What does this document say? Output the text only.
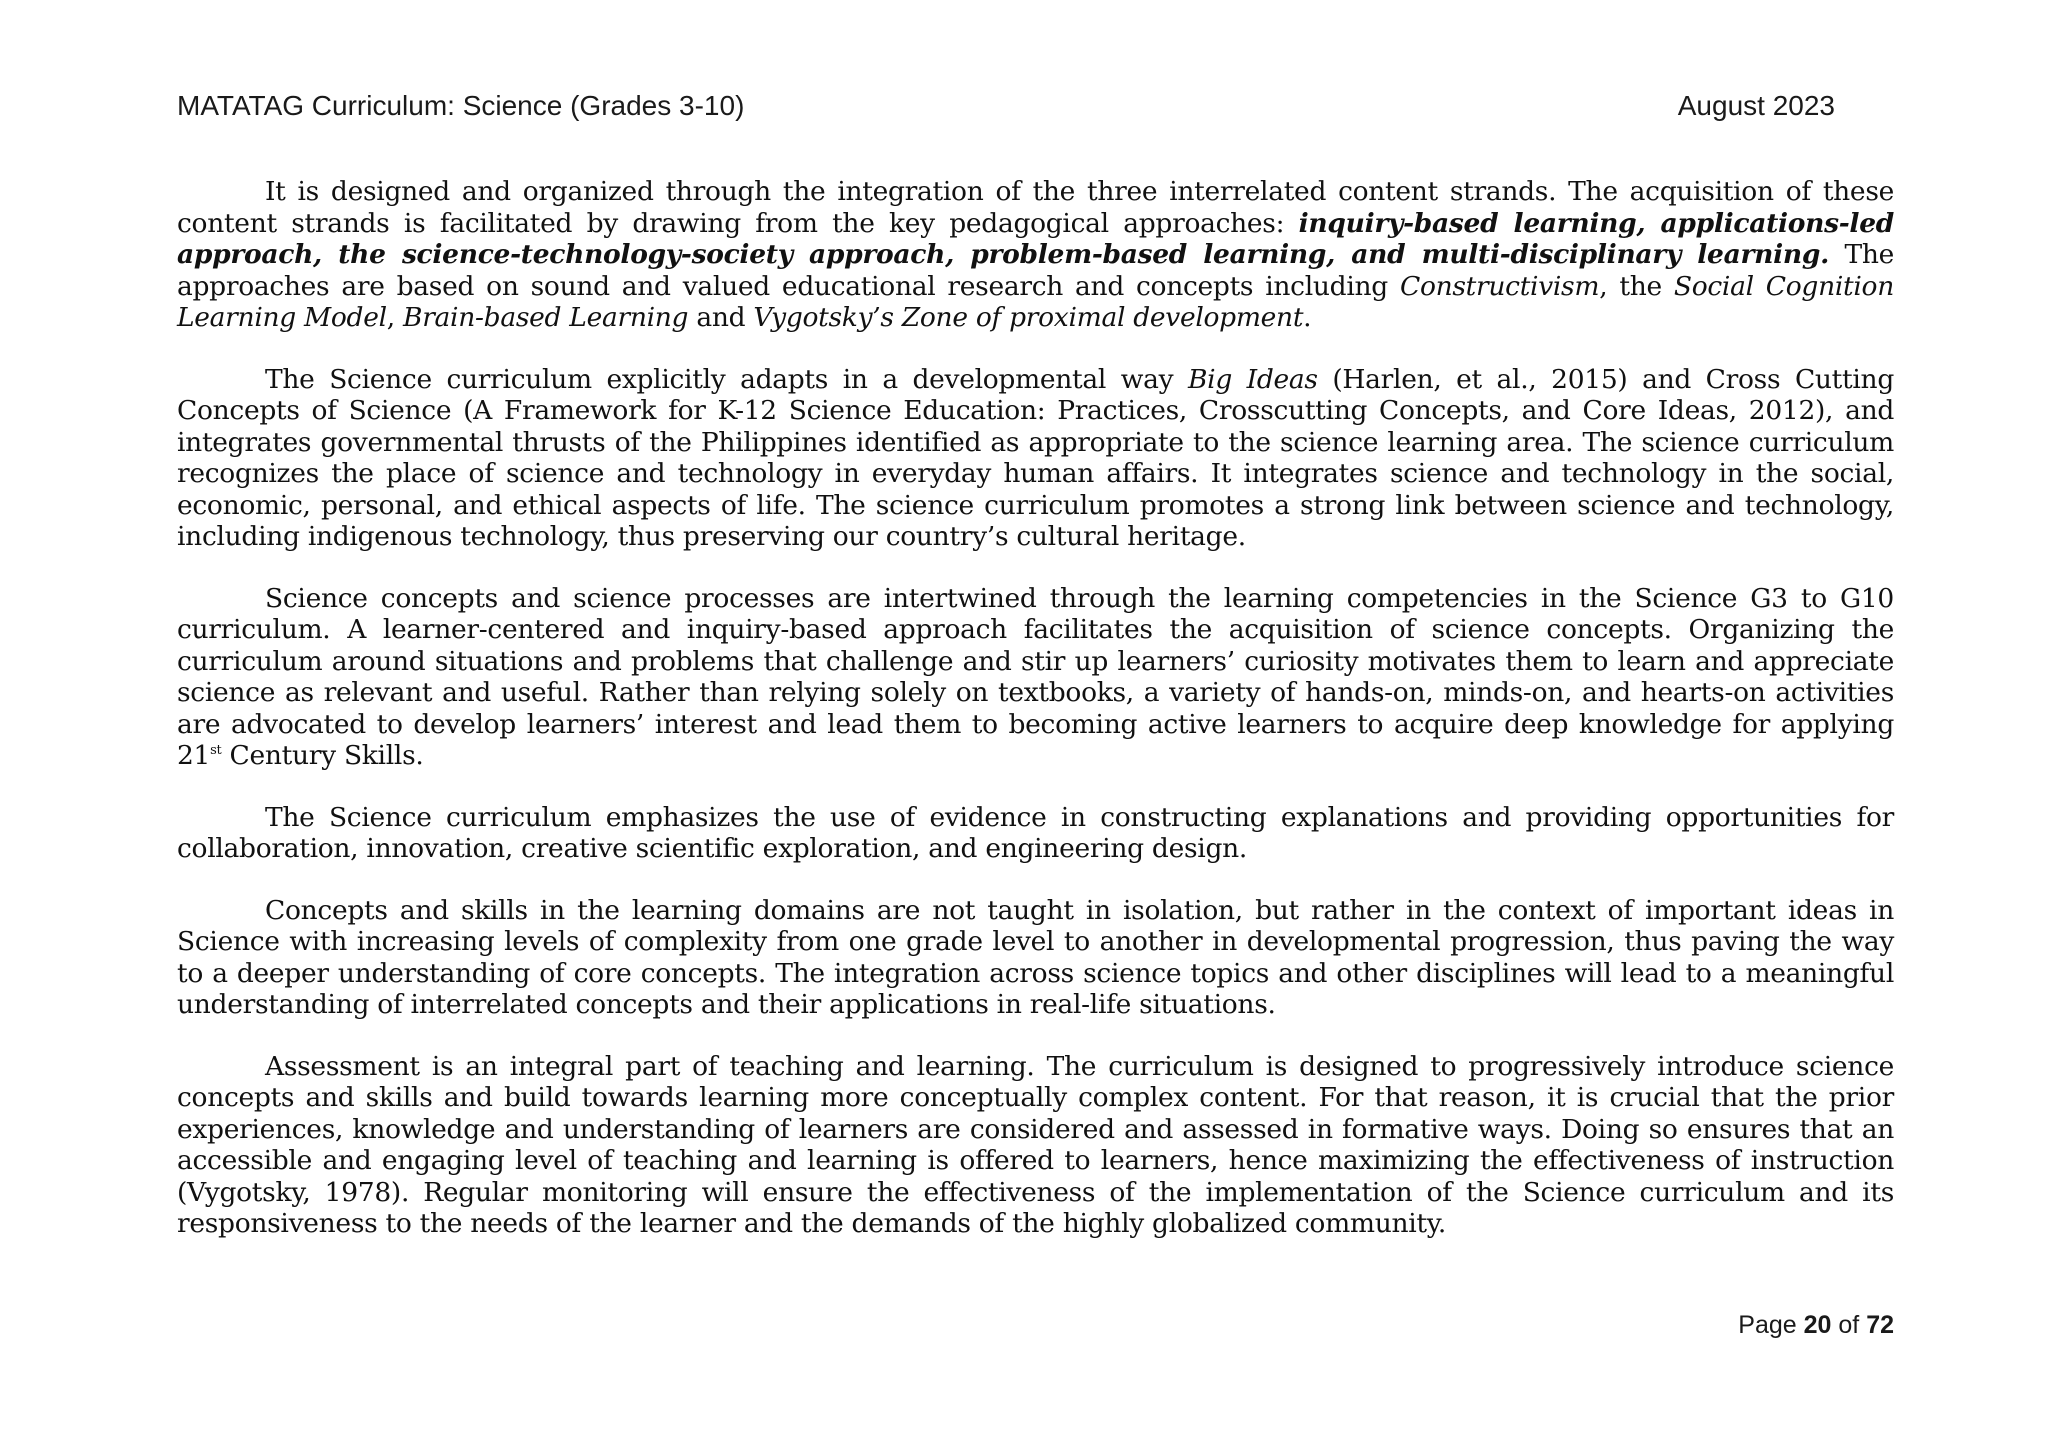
MATATAG Curriculum: Science (Grades 3-10)	August 2023

It is designed and organized through the integration of the three interrelated content strands. The acquisition of these content strands is facilitated by drawing from the key pedagogical approaches: inquiry-based learning, applications-led approach, the science-technology-society approach, problem-based learning, and multi-disciplinary learning. The approaches are based on sound and valued educational research and concepts including Constructivism, the Social Cognition Learning Model, Brain-based Learning and Vygotsky’s Zone of proximal development.

The Science curriculum explicitly adapts in a developmental way Big Ideas (Harlen, et al., 2015) and Cross Cutting Concepts of Science (A Framework for K-12 Science Education: Practices, Crosscutting Concepts, and Core Ideas, 2012), and integrates governmental thrusts of the Philippines identified as appropriate to the science learning area. The science curriculum recognizes the place of science and technology in everyday human affairs. It integrates science and technology in the social, economic, personal, and ethical aspects of life. The science curriculum promotes a strong link between science and technology, including indigenous technology, thus preserving our country’s cultural heritage.

Science concepts and science processes are intertwined through the learning competencies in the Science G3 to G10 curriculum. A learner-centered and inquiry-based approach facilitates the acquisition of science concepts. Organizing the curriculum around situations and problems that challenge and stir up learners’ curiosity motivates them to learn and appreciate science as relevant and useful. Rather than relying solely on textbooks, a variety of hands-on, minds-on, and hearts-on activities are advocated to develop learners’ interest and lead them to becoming active learners to acquire deep knowledge for applying 21st Century Skills.

The Science curriculum emphasizes the use of evidence in constructing explanations and providing opportunities for collaboration, innovation, creative scientific exploration, and engineering design.

Concepts and skills in the learning domains are not taught in isolation, but rather in the context of important ideas in Science with increasing levels of complexity from one grade level to another in developmental progression, thus paving the way to a deeper understanding of core concepts. The integration across science topics and other disciplines will lead to a meaningful understanding of interrelated concepts and their applications in real-life situations.

Assessment is an integral part of teaching and learning. The curriculum is designed to progressively introduce science concepts and skills and build towards learning more conceptually complex content. For that reason, it is crucial that the prior experiences, knowledge and understanding of learners are considered and assessed in formative ways. Doing so ensures that an accessible and engaging level of teaching and learning is offered to learners, hence maximizing the effectiveness of instruction (Vygotsky, 1978). Regular monitoring will ensure the effectiveness of the implementation of the Science curriculum and its responsiveness to the needs of the learner and the demands of the highly globalized community.

Page 20 of 72
